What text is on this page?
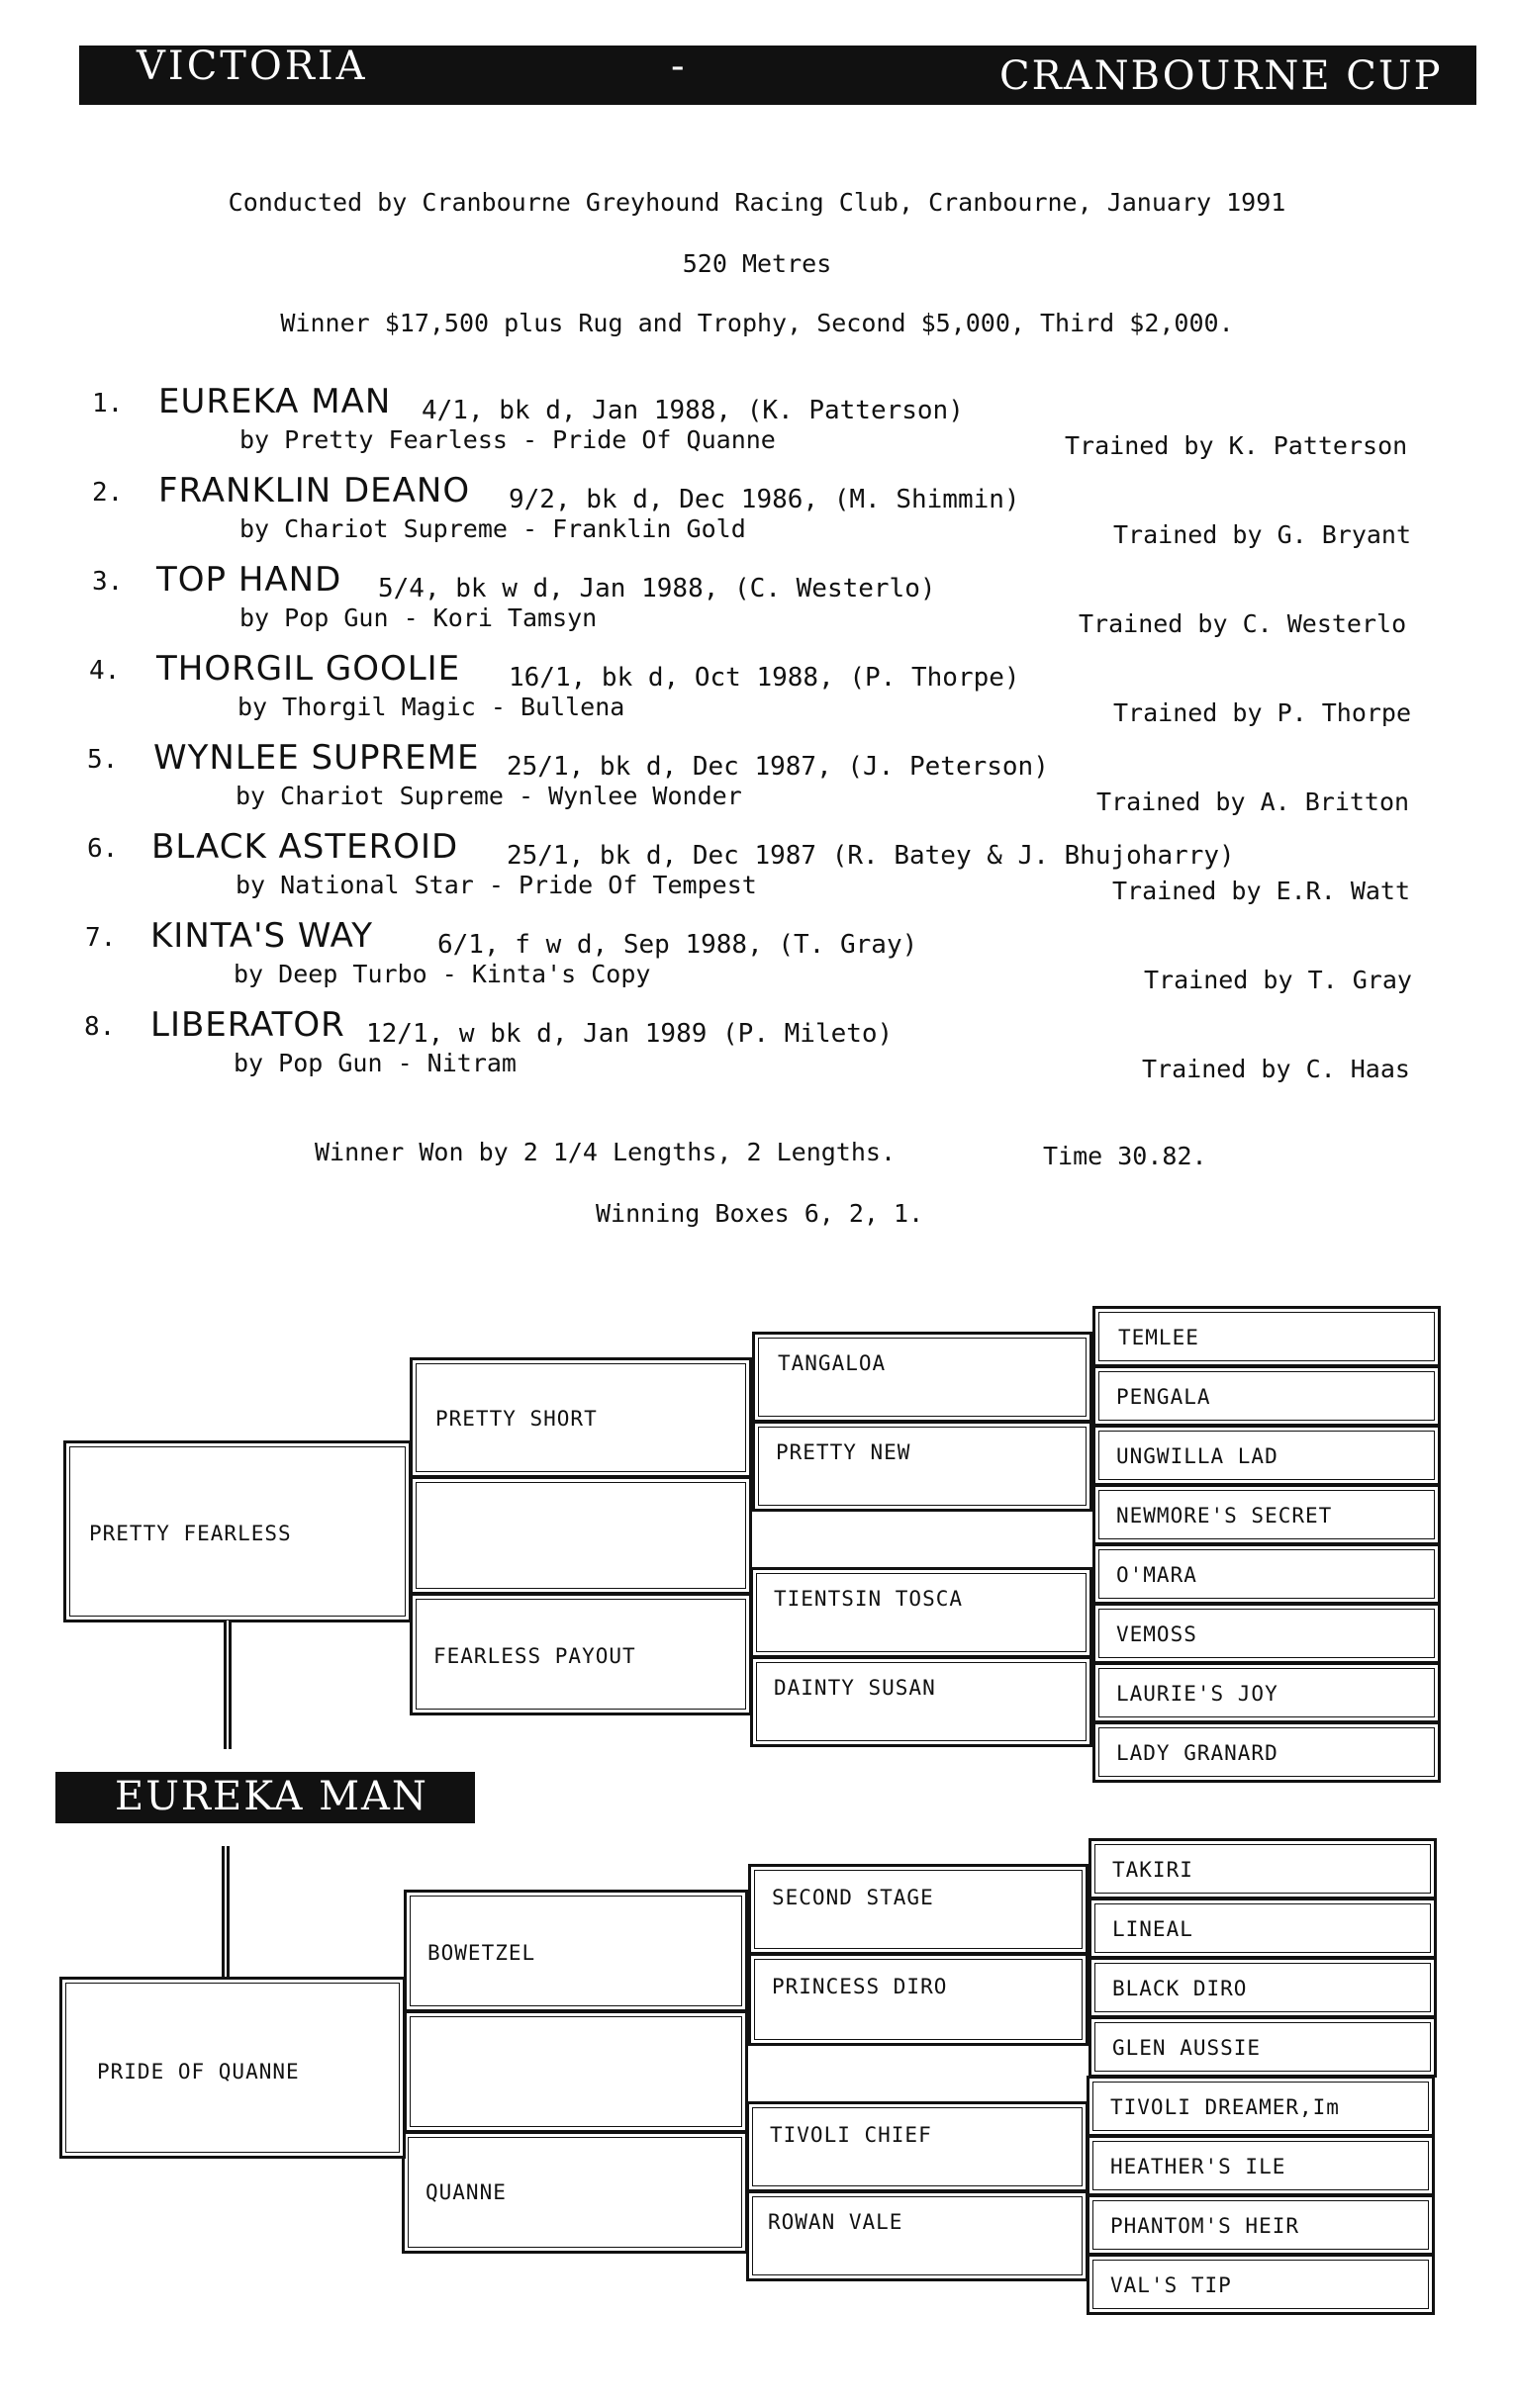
VICTORIA	-	CRANBOURNE CUP
Conducted by Cranbourne Greyhound Racing Club, Cranbourne, January 1991
520 Metres
Winner $17,500 plus Rug and Trophy, Second $5,000, Third $2,000.
1. EUREKA MAN 4/1, bk d, Jan 1988, (K. Patterson)
by Pretty Fearless - Pride Of Quanne	Trained by K. Patterson
2. FRANKLIN DEANO 9/2, bk d, Dec 1986, (M. Shimmin)
by Chariot Supreme - Franklin Gold	Trained by G. Bryant
3. TOP HAND 5/4, bk w d, Jan 1988, (C. Westerlo)
by Pop Gun - Kori Tamsyn	Trained by C. Westerlo
4. THORGIL GOOLIE 16/1, bk d, Oct 1988, (P. Thorpe)
by Thorgil Magic - Bullena	Trained by P. Thorpe
5. WYNLEE SUPREME 25/1, bk d, Dec 1987, (J. Peterson)
by Chariot Supreme - Wynlee Wonder	Trained by A. Britton
6. BLACK ASTEROID 25/1, bk d, Dec 1987 (R. Batey & J. Bhujoharry)
by National Star - Pride Of Tempest	Trained by E.R. Watt
7. KINTA'S WAY 6/1, f w d, Sep 1988, (T. Gray)
by Deep Turbo - Kinta's Copy	Trained by T. Gray
8. LIBERATOR 12/1, w bk d, Jan 1989 (P. Mileto)
by Pop Gun - Nitram	Trained by C. Haas
Winner Won by 2 1/4 Lengths, 2 Lengths.	Time 30.82.
Winning Boxes 6, 2, 1.
TEMLEE
PENGALA
UNGWILLA LAD
NEWMORE'S SECRET
O'MARA
VEMOSS
LAURIE'S JOY
LADY GRANARD
TANGALOA
PRETTY NEW
TIENTSIN TOSCA
DAINTY SUSAN
PRETTY SHORT
FEARLESS PAYOUT
PRETTY FEARLESS
EUREKA MAN
TAKIRI
LINEAL
BLACK DIRO
GLEN AUSSIE
TIVOLI DREAMER,Im
HEATHER'S ILE
PHANTOM'S HEIR
VAL'S TIP
SECOND STAGE
PRINCESS DIRO
TIVOLI CHIEF
ROWAN VALE
BOWETZEL
QUANNE
PRIDE OF QUANNE
